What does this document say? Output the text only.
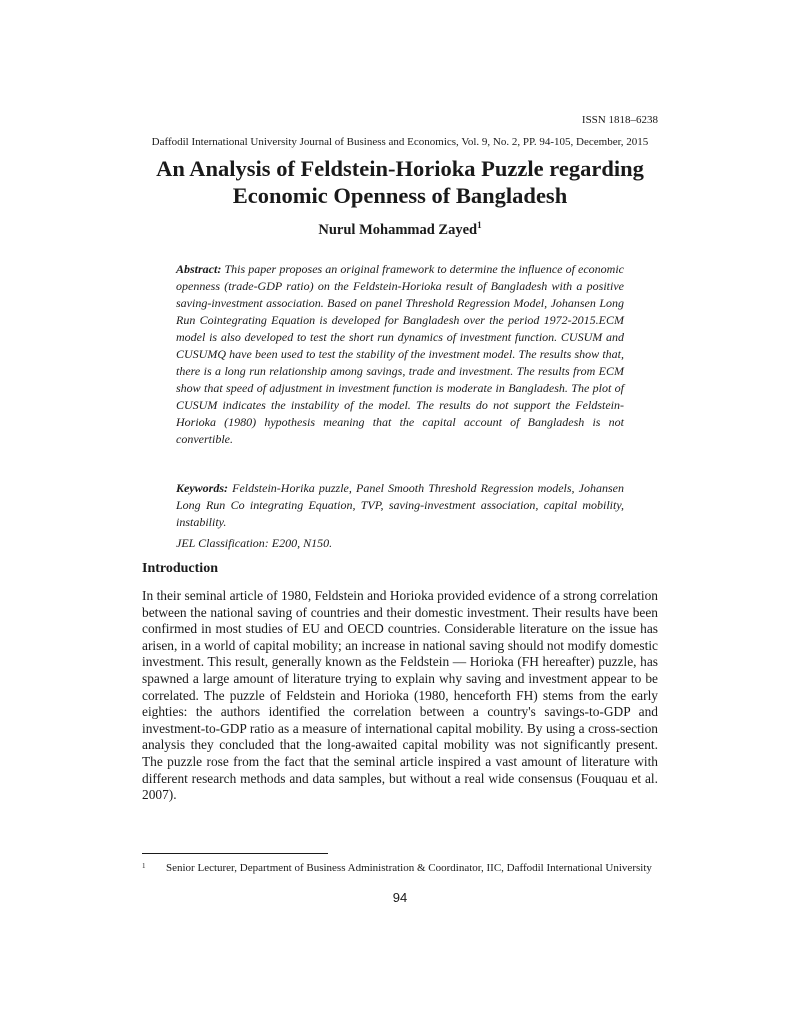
ISSN 1818–6238
Daffodil International University Journal of Business and Economics, Vol. 9, No. 2, PP. 94-105, December, 2015
An Analysis of Feldstein-Horioka Puzzle regarding Economic Openness of Bangladesh
Nurul Mohammad Zayed$^1$

Abstract: This paper proposes an original framework to determine the influence of economic openness (trade-GDP ratio) on the Feldstein-Horioka result of Bangladesh with a positive saving-investment association. Based on panel Threshold Regression Model, Johansen Long Run Cointegrating Equation is developed for Bangladesh over the period 1972-2015.ECM model is also developed to test the short run dynamics of investment function. CUSUM and CUSUMQ have been used to test the stability of the investment model. The results show that, there is a long run relationship among savings, trade and investment. The results from ECM show that speed of adjustment in investment function is moderate in Bangladesh. The plot of CUSUM indicates the instability of the model. The results do not support the Feldstein-Horioka (1980) hypothesis meaning that the capital account of Bangladesh is not convertible.

Keywords: Feldstein-Horika puzzle, Panel Smooth Threshold Regression models, Johansen Long Run Co integrating Equation, TVP, saving-investment association, capital mobility, instability.

JEL Classification: E200, N150.

Introduction

In their seminal article of 1980, Feldstein and Horioka provided evidence of a strong correlation between the national saving of countries and their domestic investment. Their results have been confirmed in most studies of EU and OECD countries. Considerable literature on the issue has arisen, in a world of capital mobility; an increase in national saving should not modify domestic investment. This result, generally known as the Feldstein — Horioka (FH hereafter) puzzle, has spawned a large amount of literature trying to explain why saving and investment appear to be correlated. The puzzle of Feldstein and Horioka (1980, henceforth FH) stems from the early eighties: the authors identified the correlation between a country's savings-to-GDP and investment-to-GDP ratio as a measure of international capital mobility. By using a cross-section analysis they concluded that the long-awaited capital mobility was not significantly present. The puzzle rose from the fact that the seminal article inspired a vast amount of literature with different research methods and data samples, but without a real wide consensus (Fouquau et al. 2007).

1 Senior Lecturer, Department of Business Administration & Coordinator, IIC, Daffodil International University
94
